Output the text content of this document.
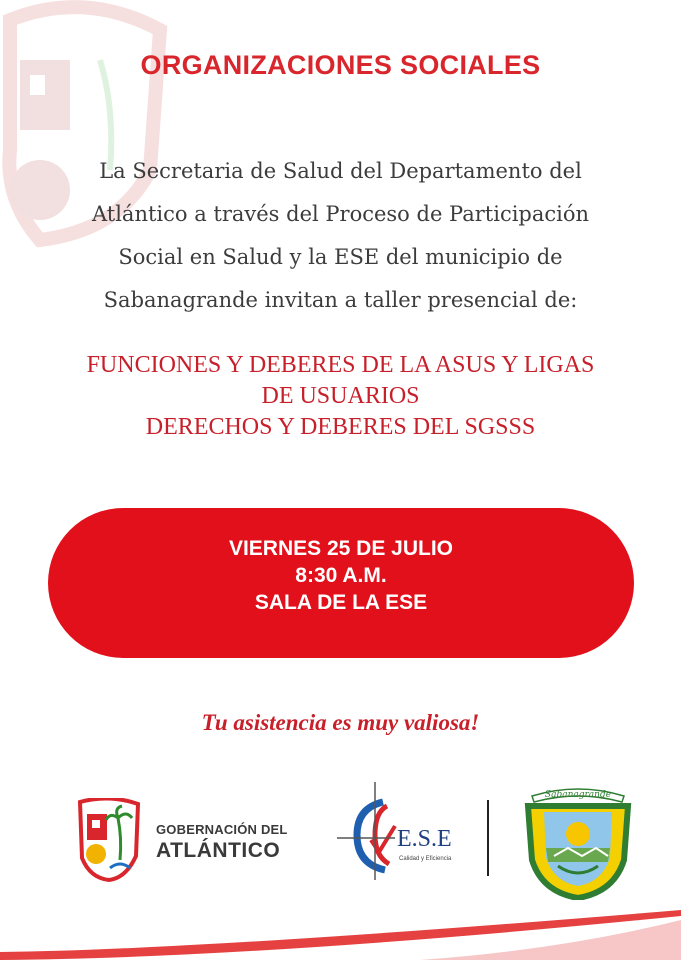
ORGANIZACIONES SOCIALES
La Secretaria de Salud del Departamento del
Atlántico a través del Proceso de Participación
Social en Salud y la ESE del municipio de
Sabanagrande invitan a taller presencial de:
FUNCIONES Y DEBERES DE LA ASUS Y LIGAS
DE USUARIOS
DERECHOS Y DEBERES DEL SGSSS
VIERNES 25 DE JULIO
8:30 A.M.
SALA DE LA ESE
Tu asistencia es muy valiosa!
GOBERNACIÓN DEL
ATLÁNTICO	E.S.E
Calidad y Eficiencia
Sabanagrande
